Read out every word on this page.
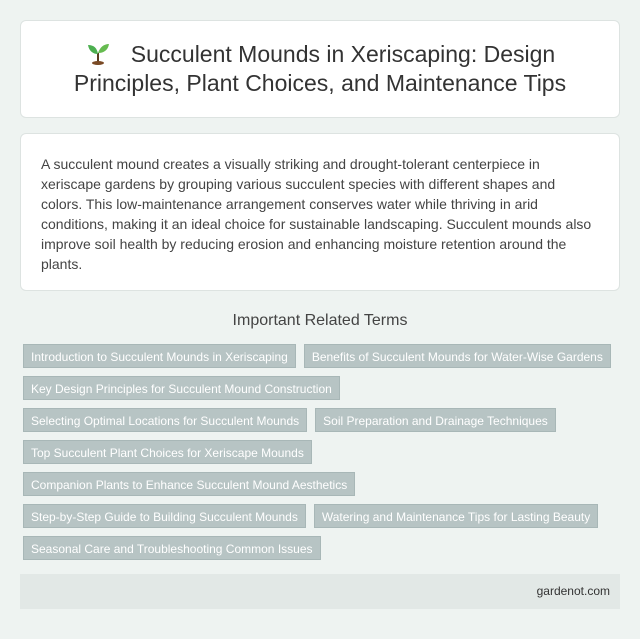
Succulent Mounds in Xeriscaping: Design Principles, Plant Choices, and Maintenance Tips

A succulent mound creates a visually striking and drought-tolerant centerpiece in xeriscape gardens by grouping various succulent species with different shapes and colors. This low-maintenance arrangement conserves water while thriving in arid conditions, making it an ideal choice for sustainable landscaping. Succulent mounds also improve soil health by reducing erosion and enhancing moisture retention around the plants.

Important Related Terms
Introduction to Succulent Mounds in Xeriscaping	Benefits of Succulent Mounds for Water-Wise Gardens
Key Design Principles for Succulent Mound Construction
Selecting Optimal Locations for Succulent Mounds	Soil Preparation and Drainage Techniques
Top Succulent Plant Choices for Xeriscape Mounds
Companion Plants to Enhance Succulent Mound Aesthetics
Step-by-Step Guide to Building Succulent Mounds	Watering and Maintenance Tips for Lasting Beauty
Seasonal Care and Troubleshooting Common Issues
gardenot.com
